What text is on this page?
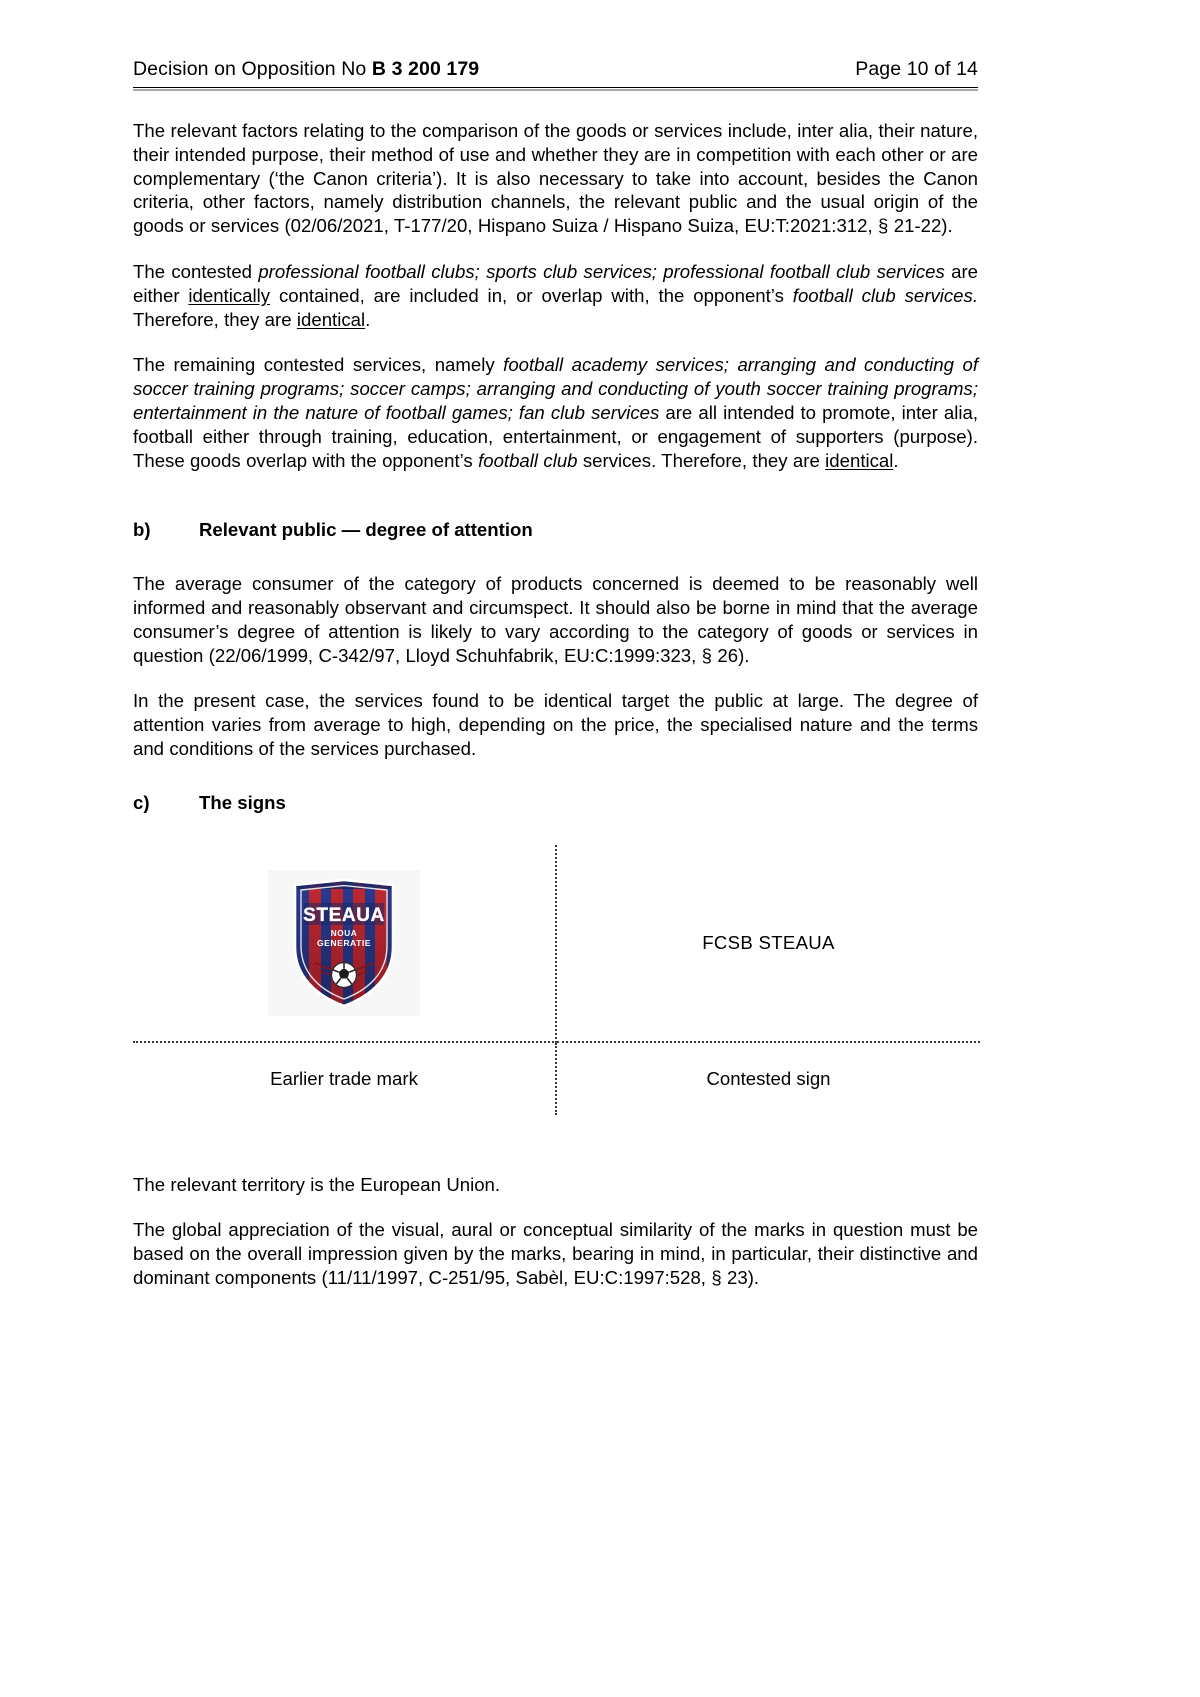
Decision on Opposition No B 3 200 179	Page 10 of 14

The relevant factors relating to the comparison of the goods or services include, inter alia, their nature, their intended purpose, their method of use and whether they are in competition with each other or are complementary (‘the Canon criteria’). It is also necessary to take into account, besides the Canon criteria, other factors, namely distribution channels, the relevant public and the usual origin of the goods or services (02/06/2021, T-177/20, Hispano Suiza / Hispano Suiza, EU:T:2021:312, § 21-22).

The contested professional football clubs; sports club services; professional football club services are either identically contained, are included in, or overlap with, the opponent’s football club services. Therefore, they are identical.

The remaining contested services, namely football academy services; arranging and conducting of soccer training programs; soccer camps; arranging and conducting of youth soccer training programs; entertainment in the nature of football games; fan club services are all intended to promote, inter alia, football either through training, education, entertainment, or engagement of supporters (purpose). These goods overlap with the opponent’s football club services. Therefore, they are identical.

b)	Relevant public — degree of attention

The average consumer of the category of products concerned is deemed to be reasonably well informed and reasonably observant and circumspect. It should also be borne in mind that the average consumer’s degree of attention is likely to vary according to the category of goods or services in question (22/06/1999, C-342/97, Lloyd Schuhfabrik, EU:C:1999:323, § 26).

In the present case, the services found to be identical target the public at large. The degree of attention varies from average to high, depending on the price, the specialised nature and the terms and conditions of the services purchased.

c)	The signs
STEAUA
NOUA
GENERATIE	FCSB STEAUA
Earlier trade mark	Contested sign

The relevant territory is the European Union.

The global appreciation of the visual, aural or conceptual similarity of the marks in question must be based on the overall impression given by the marks, bearing in mind, in particular, their distinctive and dominant components (11/11/1997, C-251/95, Sabèl, EU:C:1997:528, § 23).
